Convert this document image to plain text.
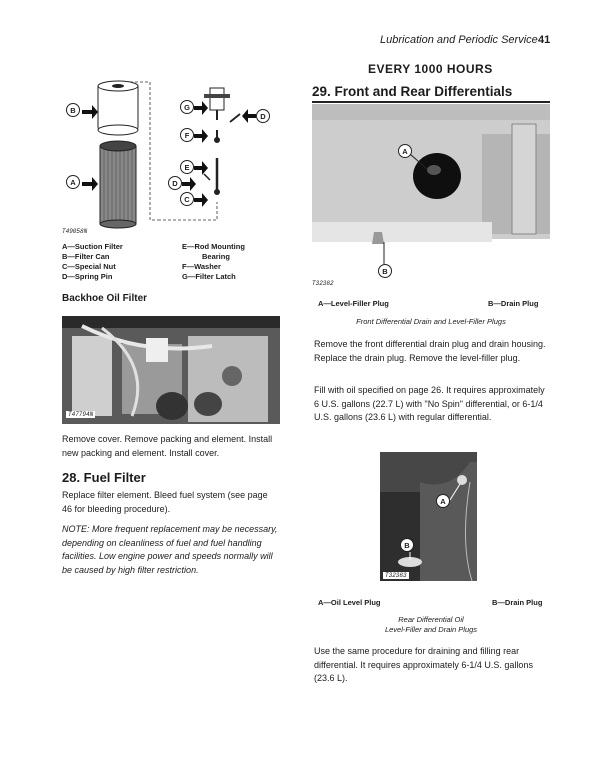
Lubrication and Periodic Service 41
EVERY 1000 HOURS
29. Front and Rear Differentials
B
A
G
F
E
D
C
D
T49058N
A—Suction Filter
B—Filter Can
C—Special Nut
D—Spring Pin
E—Rod Mounting
Bearing
F—Washer
G—Filter Latch
Backhoe Oil Filter
T47794N
Remove cover. Remove packing and element. Install new packing and element. Install cover.
28. Fuel Filter
Replace filter element. Bleed fuel system (see page 46 for bleeding procedure).
NOTE: More frequent replacement may be necessary, depending on cleanliness of fuel and fuel handling facilities. Low engine power and speeds normally will be caused by high filter restriction.
A
B
T32382
A—Level-Filler Plug	B—Drain Plug
Front Differential Drain and Level-Filler Plugs
Remove the front differential drain plug and drain housing. Replace the drain plug. Remove the level-filler plug.
Fill with oil specified on page 26. It requires approximately 6 U.S. gallons (22.7 L) with "No Spin" differential, or 6-1/4 U.S. gallons (23.6 L) with regular differential.
A
B
T32383
A—Oil Level Plug	B—Drain Plug
Rear Differential Oil
Level-Filler and Drain Plugs
Use the same procedure for draining and filling rear differential. It requires approximately 6-1/4 U.S. gallons (23.6 L).
